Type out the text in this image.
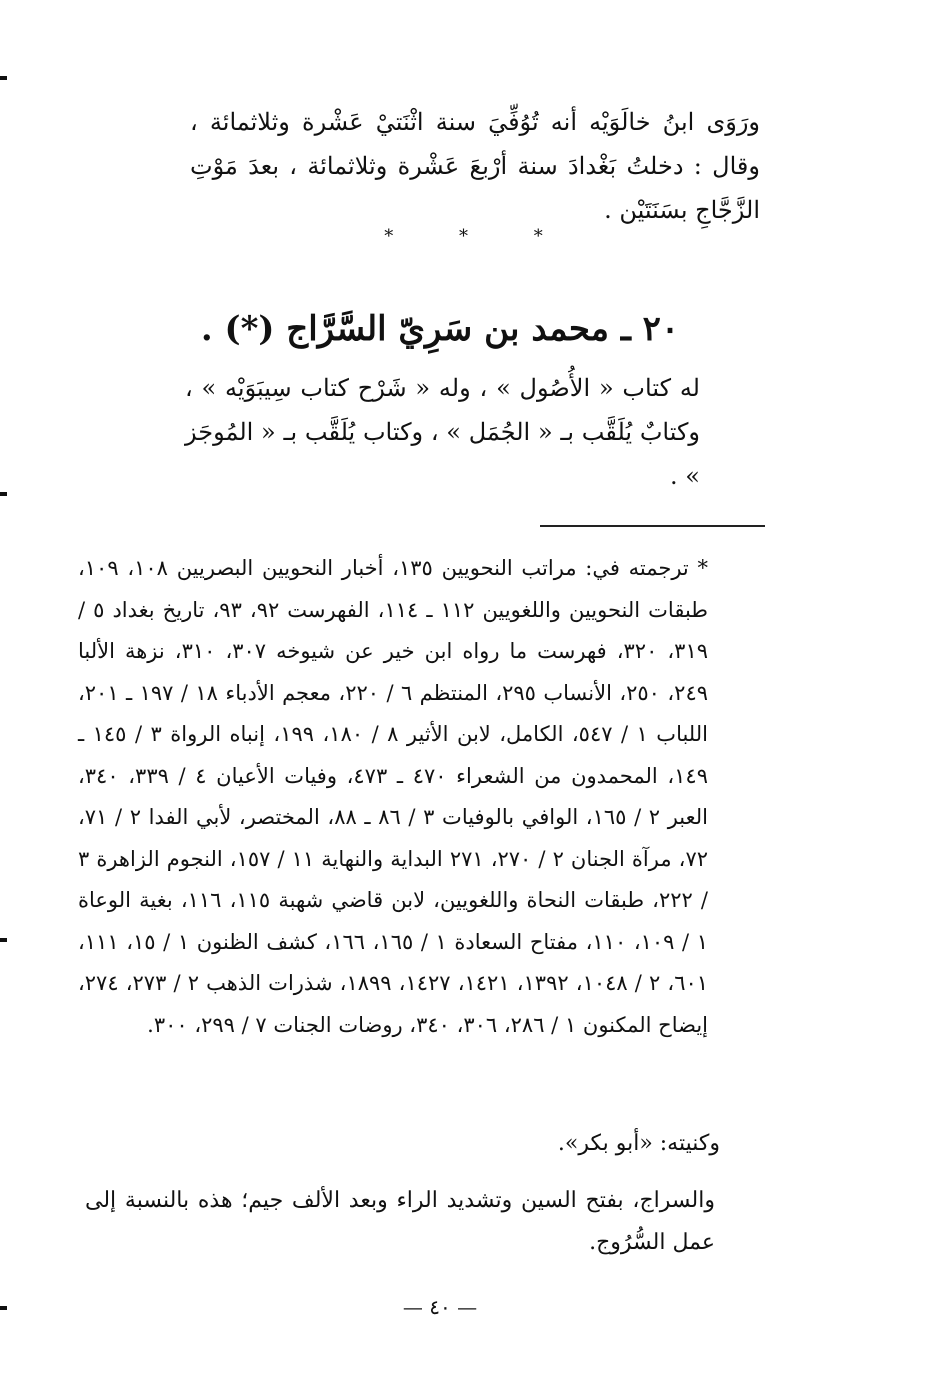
ورَوَى ابنُ خالَوَيْه أنه تُوُفِّيَ سنة اثْنَتيْ عَشْرة وثلاثمائة ، وقال : دخلتُ بَغْدادَ سنة أرْبعَ عَشْرة وثلاثمائة ، بعدَ مَوْتِ الزَّجَّاجِ بسَنَتَيْن .

*	*	*
٢٠ ـ محمد بن سَرِيّ السَّرَّاج (*) .

له كتاب « الأُصُول » ، وله « شَرْح كتاب سِيبَوَيْه » ، وكتابٌ يُلَقَّب بـ « الجُمَل » ، وكتاب يُلَقَّب بـ « المُوجَز » .

* ترجمته في: مراتب النحويين ١٣٥، أخبار النحويين البصريين ١٠٨، ١٠٩، طبقات النحويين واللغويين ١١٢ ـ ١١٤، الفهرست ٩٢، ٩٣، تاريخ بغداد ٥ / ٣١٩، ٣٢٠، فهرست ما رواه ابن خير عن شيوخه ٣٠٧، ٣١٠، نزهة الألبا ٢٤٩، ٢٥٠، الأنساب ٢٩٥، المنتظم ٦ / ٢٢٠، معجم الأدباء ١٨ / ١٩٧ ـ ٢٠١، اللباب ١ / ٥٤٧، الكامل، لابن الأثير ٨ / ١٨٠، ١٩٩، إنباه الرواة ٣ / ١٤٥ ـ ١٤٩، المحمدون من الشعراء ٤٧٠ ـ ٤٧٣، وفيات الأعيان ٤ / ٣٣٩، ٣٤٠، العبر ٢ / ١٦٥، الوافي بالوفيات ٣ / ٨٦ ـ ٨٨، المختصر، لأبي الفدا ٢ / ٧١، ٧٢، مرآة الجنان ٢ / ٢٧٠، ٢٧١ البداية والنهاية ١١ / ١٥٧، النجوم الزاهرة ٣ / ٢٢٢، طبقات النحاة واللغويين، لابن قاضي شهبة ١١٥، ١١٦، بغية الوعاة ١ / ١٠٩، ١١٠، مفتاح السعادة ١ / ١٦٥، ١٦٦، كشف الظنون ١ / ١٥، ١١١، ٦٠١، ٢ / ١٠٤٨، ١٣٩٢، ١٤٢١، ١٤٢٧، ١٨٩٩، شذرات الذهب ٢ / ٢٧٣، ٢٧٤، إيضاح المكنون ١ / ٢٨٦، ٣٠٦، ٣٤٠، روضات الجنات ٧ / ٢٩٩، ٣٠٠.

وكنيته: «أبو بكر».

والسراج، بفتح السين وتشديد الراء وبعد الألف جيم؛ هذه بالنسبة إلى عمل السُّرُوج.

— ٤٠ —
